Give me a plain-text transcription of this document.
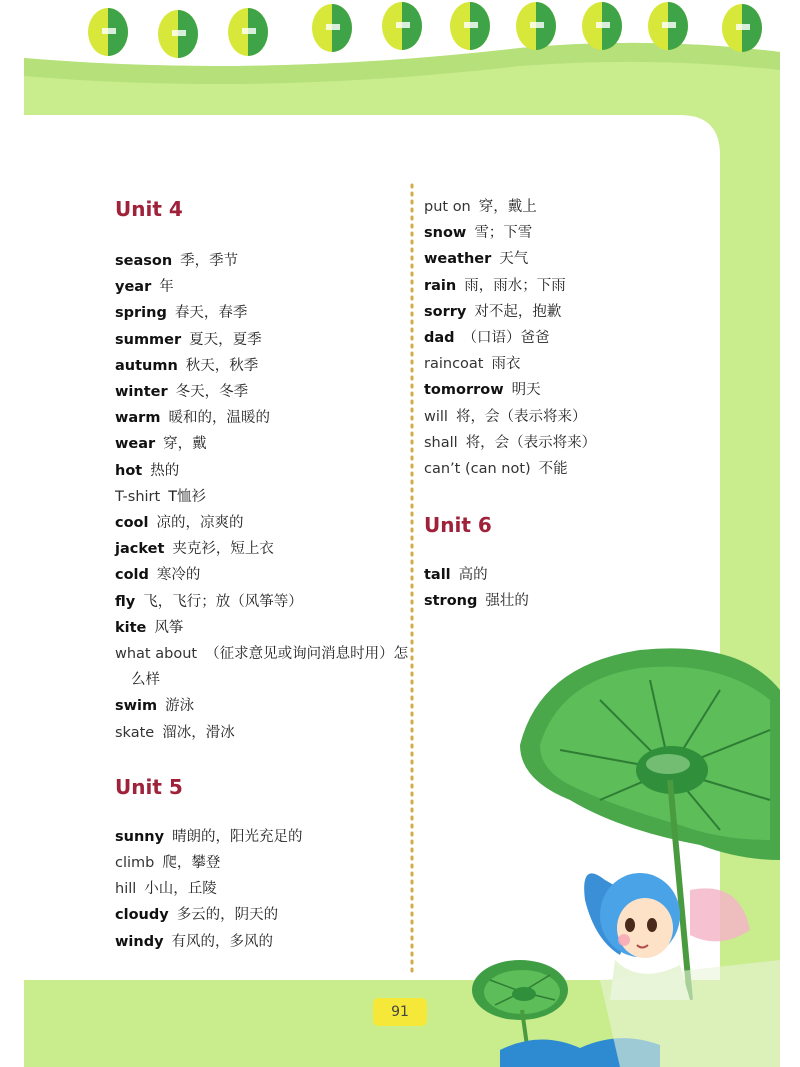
Unit 4
season 季，季节
year 年
spring 春天，春季
summer 夏天，夏季
autumn 秋天，秋季
winter 冬天，冬季
warm 暖和的，温暖的
wear 穿，戴
hot 热的
T-shirt T恤衫
cool 凉的，凉爽的
jacket 夹克衫，短上衣
cold 寒冷的
fly 飞，飞行；放（风筝等）
kite 风筝
what about （征求意见或询问消息时用）怎么样
swim 游泳
skate 溜冰，滑冰
Unit 5
sunny 晴朗的，阳光充足的
climb 爬，攀登
hill 小山，丘陵
cloudy 多云的，阴天的
windy 有风的，多风的
put on 穿，戴上
snow 雪；下雪
weather 天气
rain 雨，雨水；下雨
sorry 对不起，抱歉
dad （口语）爸爸
raincoat 雨衣
tomorrow 明天
will 将，会（表示将来）
shall 将，会（表示将来）
can’t (can not) 不能
Unit 6
tall 高的
strong 强壮的
91
